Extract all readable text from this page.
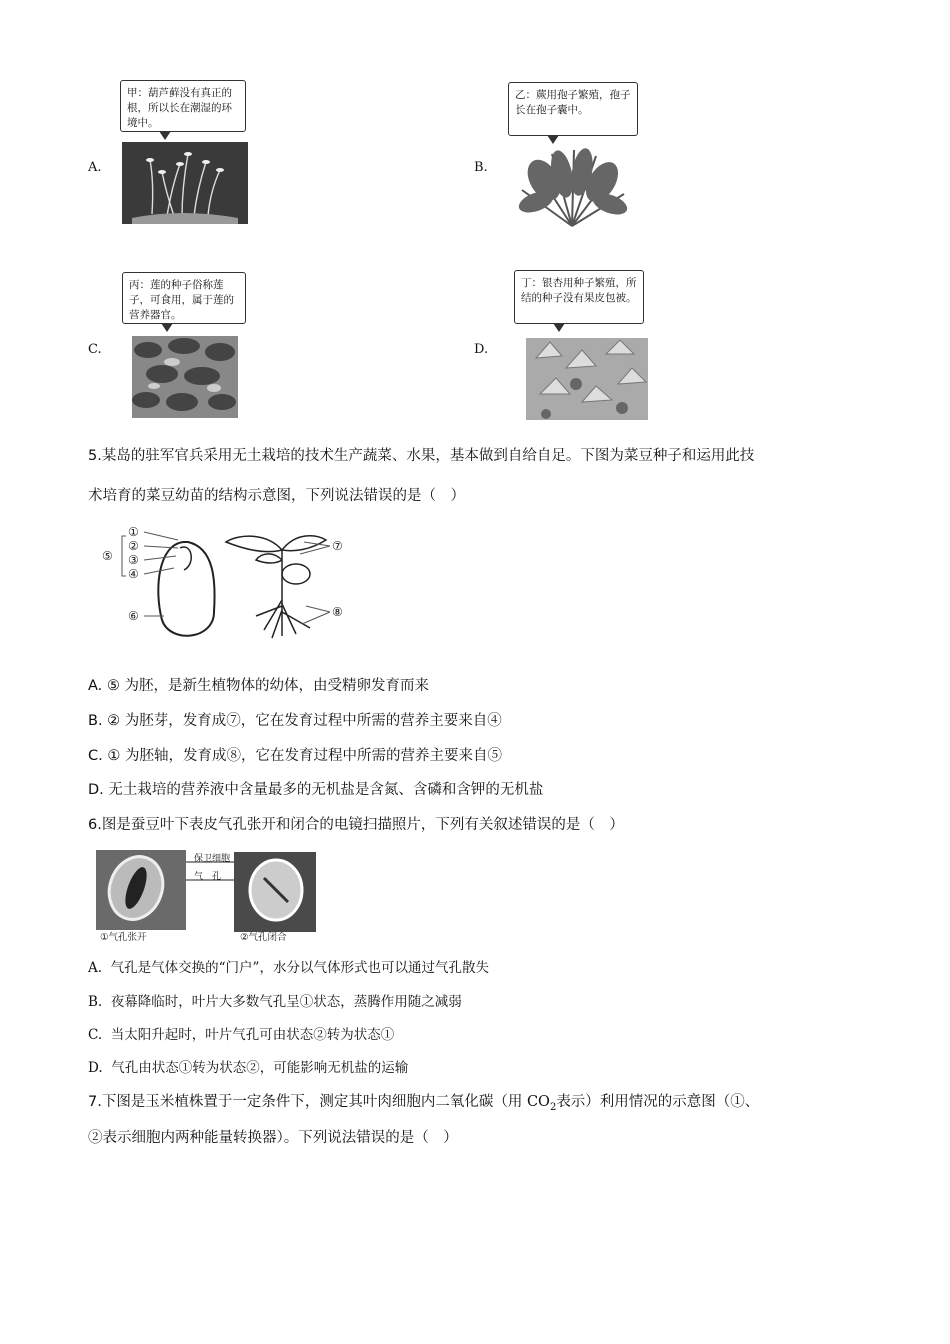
A.
甲：葫芦藓没有真正的根，所以长在潮湿的环境中。
B.
乙：蕨用孢子繁殖，孢子长在孢子囊中。
C.
丙：莲的种子俗称莲子，可食用，属于莲的营养器官。
D.
丁：银杏用种子繁殖，所结的种子没有果皮包被。
5.某岛的驻军官兵采用无土栽培的技术生产蔬菜、水果，基本做到自给自足。下图为菜豆种子和运用此技
术培育的菜豆幼苗的结构示意图，下列说法错误的是（　）
①
②
③
④
⑤
⑥
⑦
⑧
A. ⑤ 为胚，是新生植物体的幼体，由受精卵发育而来
B. ② 为胚芽，发育成⑦，它在发育过程中所需的营养主要来自④
C. ① 为胚轴，发育成⑧，它在发育过程中所需的营养主要来自⑤
D. 无土栽培的营养液中含量最多的无机盐是含氮、含磷和含钾的无机盐
6.图是蚕豆叶下表皮气孔张开和闭合的电镜扫描照片，下列有关叙述错误的是（　）
保卫细胞
气　孔
①气孔张开	②气孔闭合
A. 气孔是气体交换的“门户”，水分以气体形式也可以通过气孔散失
B. 夜幕降临时，叶片大多数气孔呈①状态，蒸腾作用随之减弱
C. 当太阳升起时，叶片气孔可由状态②转为状态①
D. 气孔由状态①转为状态②，可能影响无机盐的运输
7.下图是玉米植株置于一定条件下，测定其叶肉细胞内二氧化碳（用 $CO_2$表示）利用情况的示意图（①、
②表示细胞内两种能量转换器）。下列说法错误的是（　）
